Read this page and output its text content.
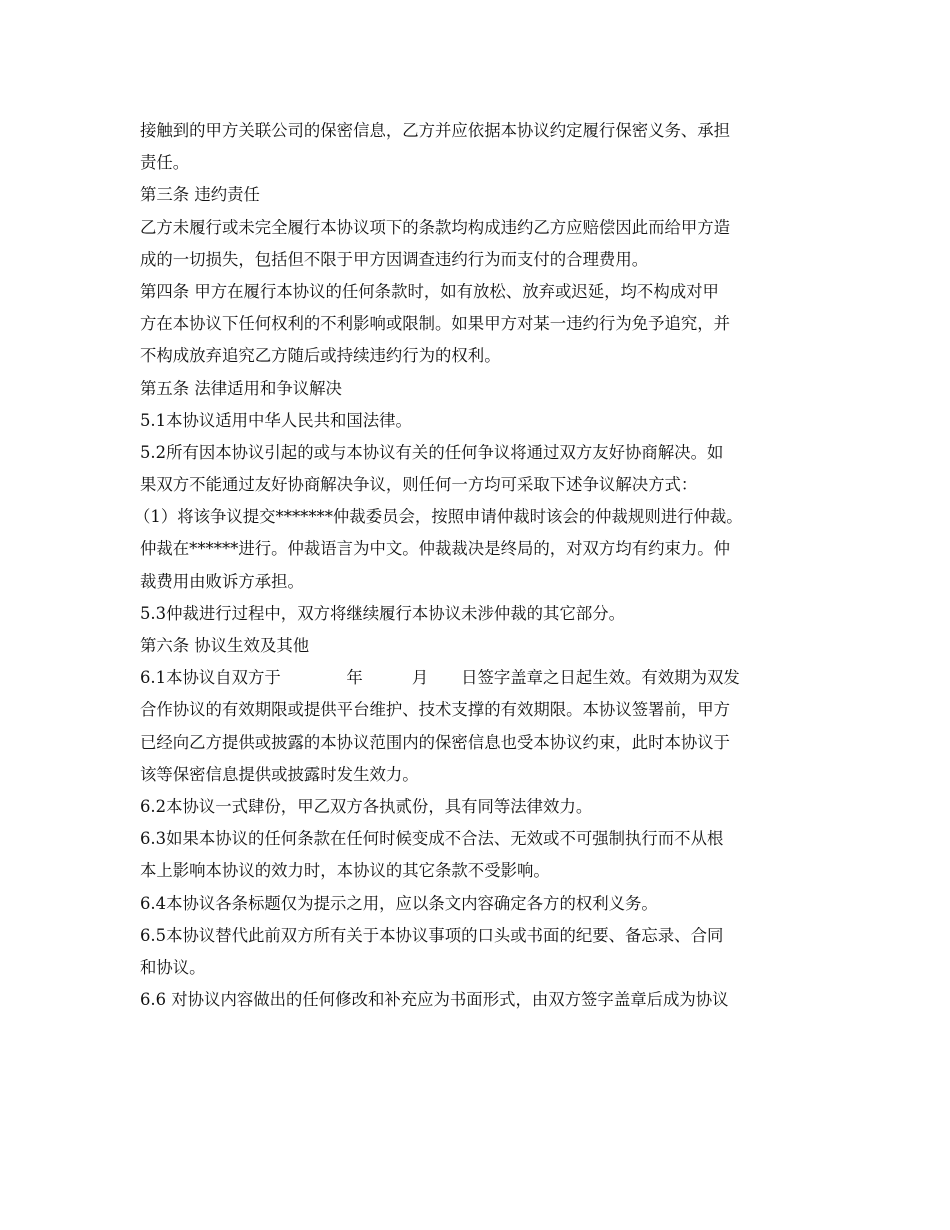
接触到的甲方关联公司的保密信息，乙方并应依据本协议约定履行保密义务、承担
责任。
第三条 违约责任
乙方未履行或未完全履行本协议项下的条款均构成违约乙方应赔偿因此而给甲方造
成的一切损失，包括但不限于甲方因调查违约行为而支付的合理费用。
第四条 甲方在履行本协议的任何条款时，如有放松、放弃或迟延，均不构成对甲
方在本协议下任何权利的不利影响或限制。如果甲方对某一违约行为免予追究，并
不构成放弃追究乙方随后或持续违约行为的权利。
第五条 法律适用和争议解决
5.1本协议适用中华人民共和国法律。
5.2所有因本协议引起的或与本协议有关的任何争议将通过双方友好协商解决。如
果双方不能通过友好协商解决争议，则任何一方均可采取下述争议解决方式：
（1）将该争议提交*******仲裁委员会，按照申请仲裁时该会的仲裁规则进行仲裁。
仲裁在******进行。仲裁语言为中文。仲裁裁决是终局的，对双方均有约束力。仲
裁费用由败诉方承担。
5.3仲裁进行过程中，双方将继续履行本协议未涉仲裁的其它部分。
第六条 协议生效及其他
6.1本协议自双方于　　　　年　　　月　　日签字盖章之日起生效。有效期为双发
合作协议的有效期限或提供平台维护、技术支撑的有效期限。本协议签署前，甲方
已经向乙方提供或披露的本协议范围内的保密信息也受本协议约束，此时本协议于
该等保密信息提供或披露时发生效力。
6.2本协议一式肆份，甲乙双方各执贰份，具有同等法律效力。
6.3如果本协议的任何条款在任何时候变成不合法、无效或不可强制执行而不从根
本上影响本协议的效力时，本协议的其它条款不受影响。
6.4本协议各条标题仅为提示之用，应以条文内容确定各方的权利义务。
6.5本协议替代此前双方所有关于本协议事项的口头或书面的纪要、备忘录、合同
和协议。
6.6 对协议内容做出的任何修改和补充应为书面形式，由双方签字盖章后成为协议
